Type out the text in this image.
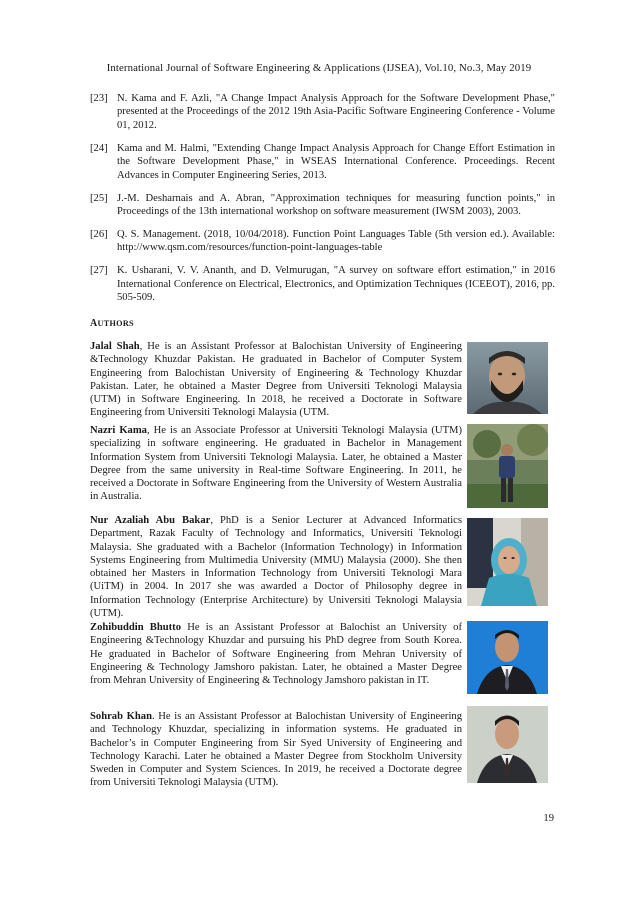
International Journal of Software Engineering & Applications (IJSEA), Vol.10, No.3, May 2019
[23] N. Kama and F. Azli, "A Change Impact Analysis Approach for the Software Development Phase," presented at the Proceedings of the 2012 19th Asia-Pacific Software Engineering Conference - Volume 01, 2012.
[24] Kama and M. Halmi, "Extending Change Impact Analysis Approach for Change Effort Estimation in the Software Development Phase," in WSEAS International Conference. Proceedings. Recent Advances in Computer Engineering Series, 2013.
[25] J.-M. Desharnais and A. Abran, "Approximation techniques for measuring function points," in Proceedings of the 13th international workshop on software measurement (IWSM 2003), 2003.
[26] Q. S. Management. (2018, 10/04/2018). Function Point Languages Table (5th version ed.). Available: http://www.qsm.com/resources/function-point-languages-table
[27] K. Usharani, V. V. Ananth, and D. Velmurugan, "A survey on software effort estimation," in 2016 International Conference on Electrical, Electronics, and Optimization Techniques (ICEEOT), 2016, pp. 505-509.
AUTHORS
Jalal Shah, He is an Assistant Professor at Balochistan University of Engineering &Technology Khuzdar Pakistan. He graduated in Bachelor of Computer System Engineering from Balochistan University of Engineering & Technology Khuzdar Pakistan. Later, he obtained a Master Degree from Universiti Teknologi Malaysia (UTM) in Software Engineering. In 2018, he received a Doctorate in Software Engineering from Universiti Teknologi Malaysia (UTM.
Nazri Kama, He is an Associate Professor at Universiti Teknologi Malaysia (UTM) specializing in software engineering. He graduated in Bachelor in Management Information System from Universiti Teknologi Malaysia. Later, he obtained a Master Degree from the same university in Real-time Software Engineering. In 2011, he received a Doctorate in Software Engineering from the University of Western Australia in Australia.
Nur Azaliah Abu Bakar, PhD is a Senior Lecturer at Advanced Informatics Department, Razak Faculty of Technology and Informatics, Universiti Teknologi Malaysia. She graduated with a Bachelor (Information Technology) in Information Systems Engineering from Multimedia University (MMU) Malaysia (2000). She then obtained her Masters in Information Technology from Universiti Teknologi Mara (UiTM) in 2004. In 2017 she was awarded a Doctor of Philosophy degree in Information Technology (Enterprise Architecture) by Universiti Teknologi Malaysia (UTM).
Zohibuddin Bhutto He is an Assistant Professor at Balochist an University of Engineering &Technology Khuzdar and pursuing his PhD degree from South Korea. He graduated in Bachelor of Software Engineering from Mehran University of Engineering & Technology Jamshoro pakistan. Later, he obtained a Master Degree from Mehran University of Engineering & Technology Jamshoro pakistan in IT.
Sohrab Khan. He is an Assistant Professor at Balochistan University of Engineering and Technology Khuzdar, specializing in information systems. He graduated in Bachelor’s in Computer Engineering from Sir Syed University of Engineering and Technology Karachi. Later he obtained a Master Degree from Stockholm University Sweden in Computer and System Sciences. In 2019, he received a Doctorate degree from Universiti Teknologi Malaysia (UTM).
19
